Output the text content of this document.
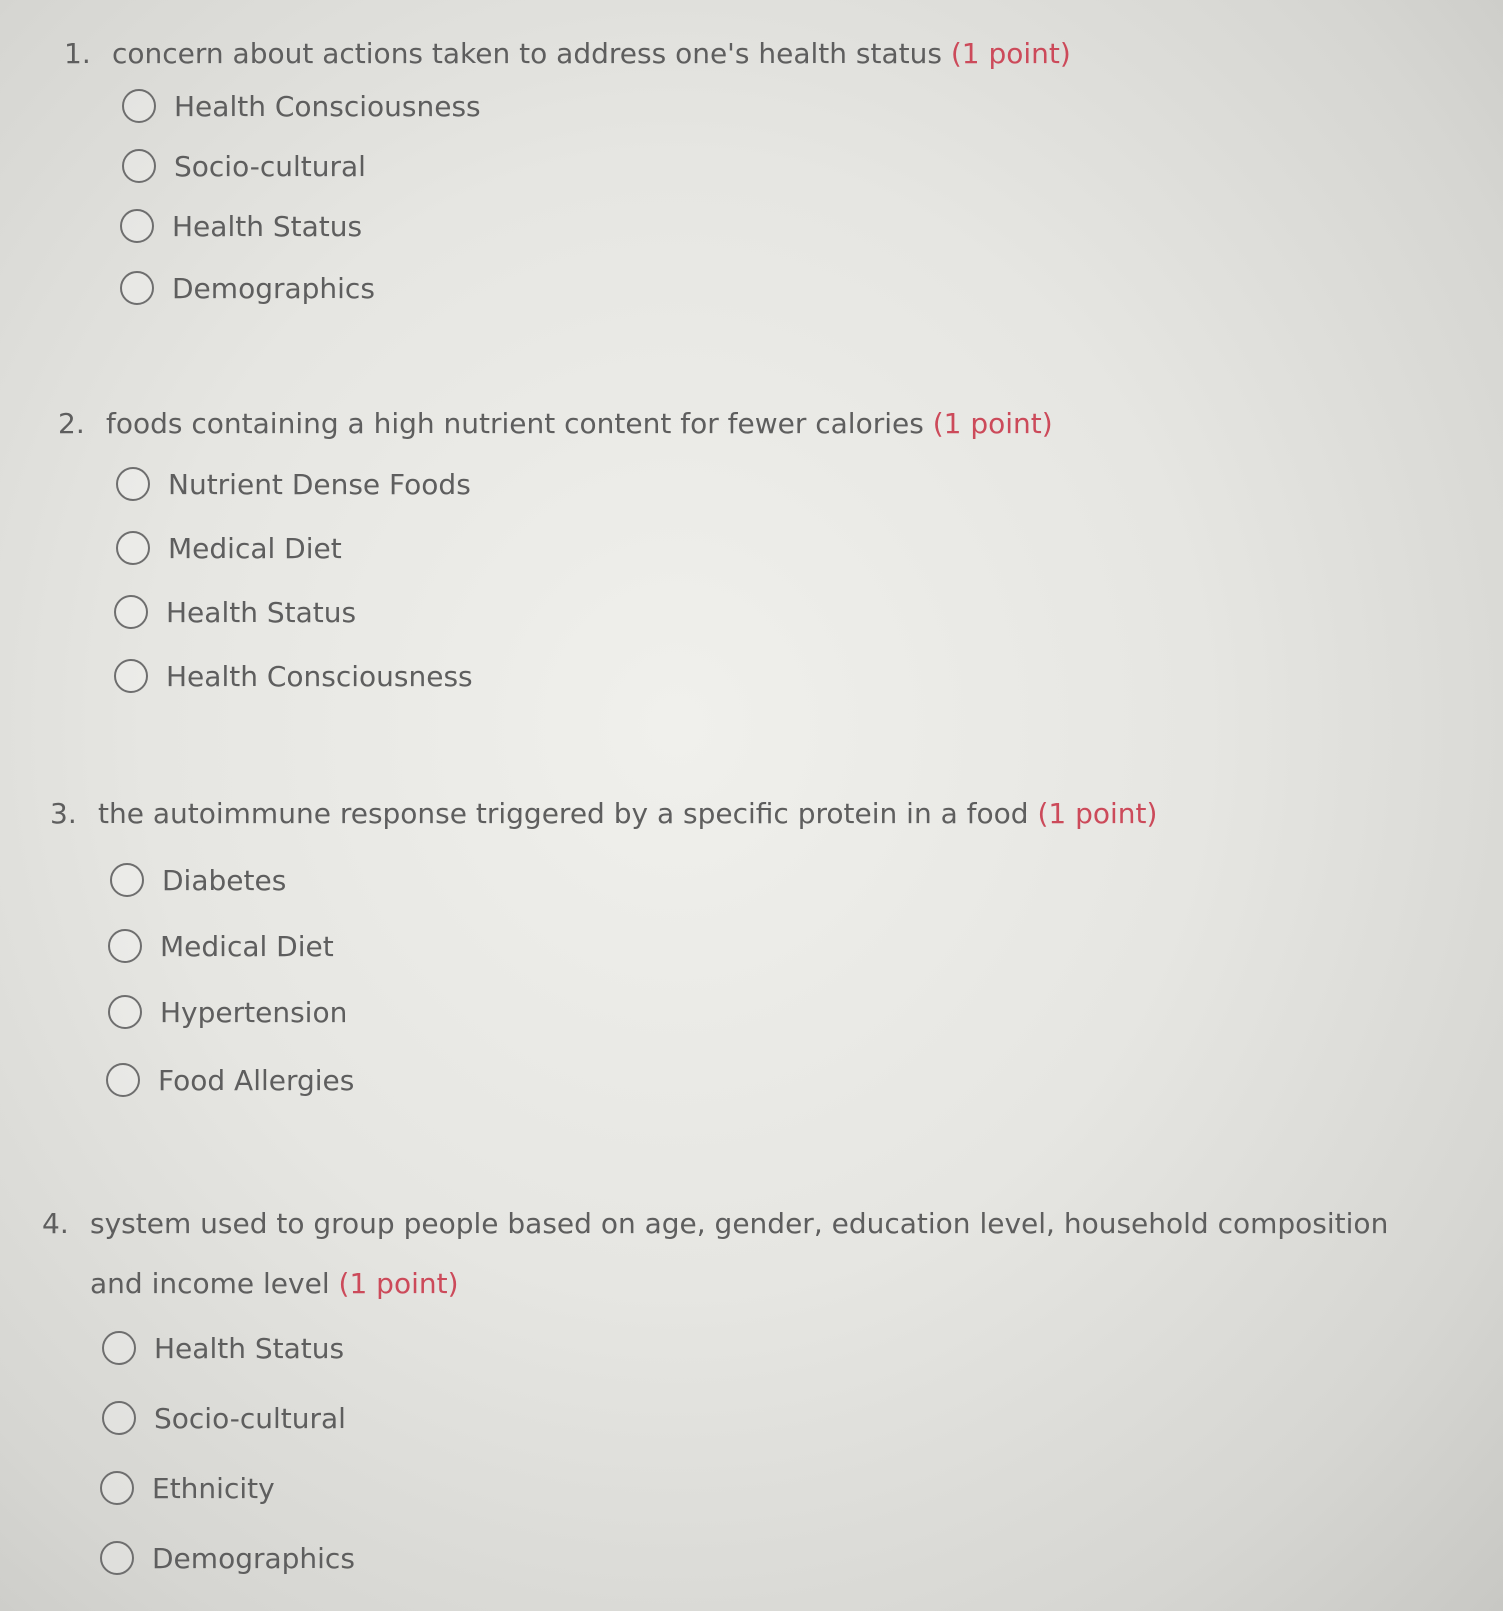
1. concern about actions taken to address one's health status (1 point)
Health Consciousness
Socio-cultural
Health Status
Demographics
2. foods containing a high nutrient content for fewer calories (1 point)
Nutrient Dense Foods
Medical Diet
Health Status
Health Consciousness
3. the autoimmune response triggered by a specific protein in a food (1 point)
Diabetes
Medical Diet
Hypertension
Food Allergies
4. system used to group people based on age, gender, education level, household composition
and income level (1 point)
Health Status
Socio-cultural
Ethnicity
Demographics
